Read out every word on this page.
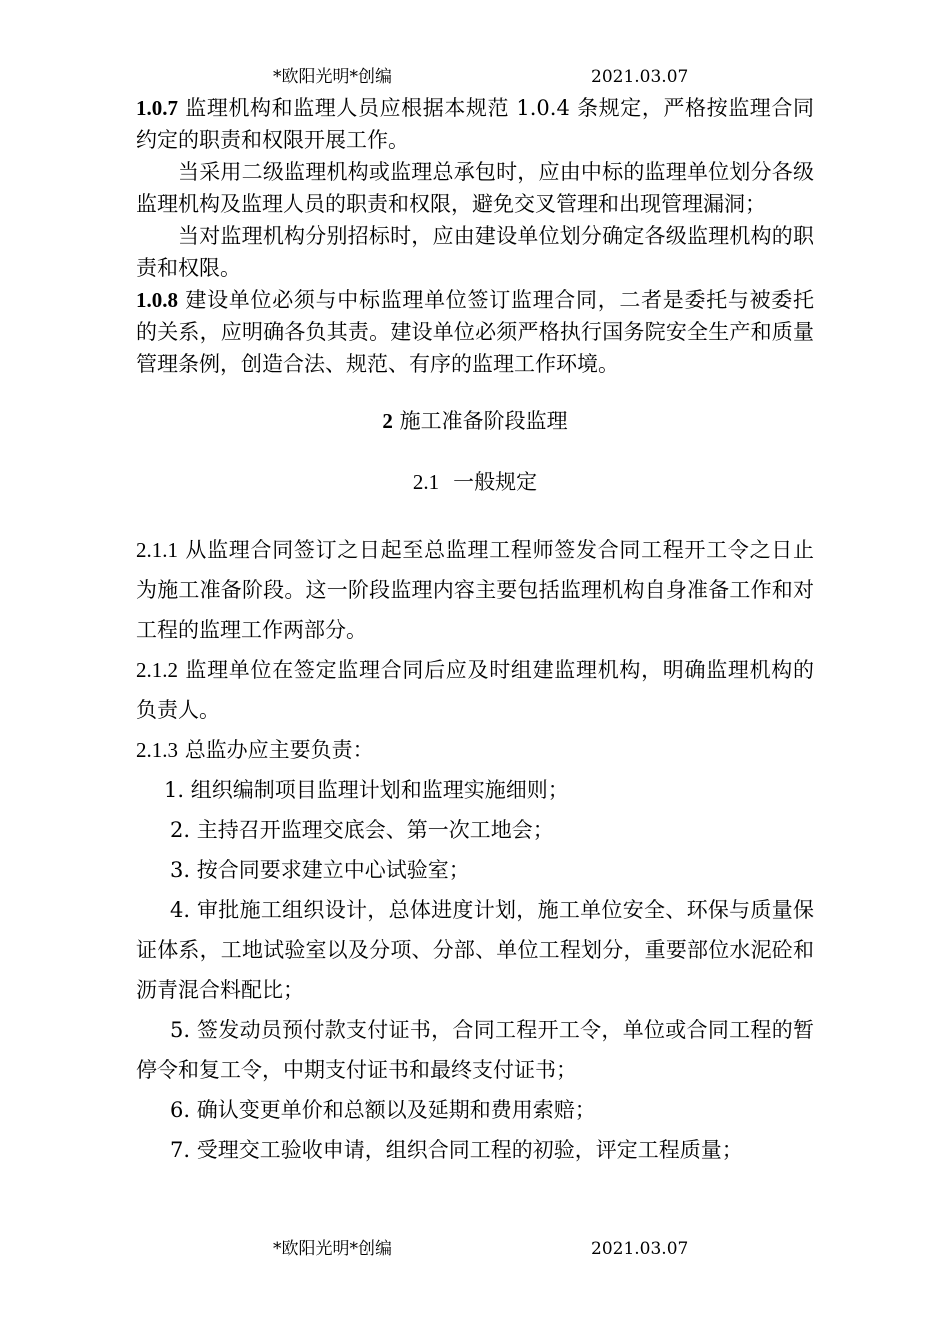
*欧阳光明*创编	2021.03.07

1.0.7 监理机构和监理人员应根据本规范 1.0.4 条规定，严格按监理合同约定的职责和权限开展工作。

当采用二级监理机构或监理总承包时，应由中标的监理单位划分各级监理机构及监理人员的职责和权限，避免交叉管理和出现管理漏洞；

当对监理机构分别招标时，应由建设单位划分确定各级监理机构的职责和权限。

1.0.8 建设单位必须与中标监理单位签订监理合同，二者是委托与被委托的关系，应明确各负其责。建设单位必须严格执行国务院安全生产和质量管理条例，创造合法、规范、有序的监理工作环境。

2 施工准备阶段监理
2.1 一般规定

2.1.1 从监理合同签订之日起至总监理工程师签发合同工程开工令之日止为施工准备阶段。这一阶段监理内容主要包括监理机构自身准备工作和对工程的监理工作两部分。

2.1.2 监理单位在签定监理合同后应及时组建监理机构，明确监理机构的负责人。

2.1.3 总监办应主要负责：

1. 组织编制项目监理计划和监理实施细则；

2. 主持召开监理交底会、第一次工地会；

3. 按合同要求建立中心试验室；

4. 审批施工组织设计，总体进度计划，施工单位安全、环保与质量保证体系，工地试验室以及分项、分部、单位工程划分，重要部位水泥砼和沥青混合料配比；

5. 签发动员预付款支付证书，合同工程开工令，单位或合同工程的暂停令和复工令，中期支付证书和最终支付证书；

6. 确认变更单价和总额以及延期和费用索赔；

7. 受理交工验收申请，组织合同工程的初验，评定工程质量；

*欧阳光明*创编	2021.03.07
